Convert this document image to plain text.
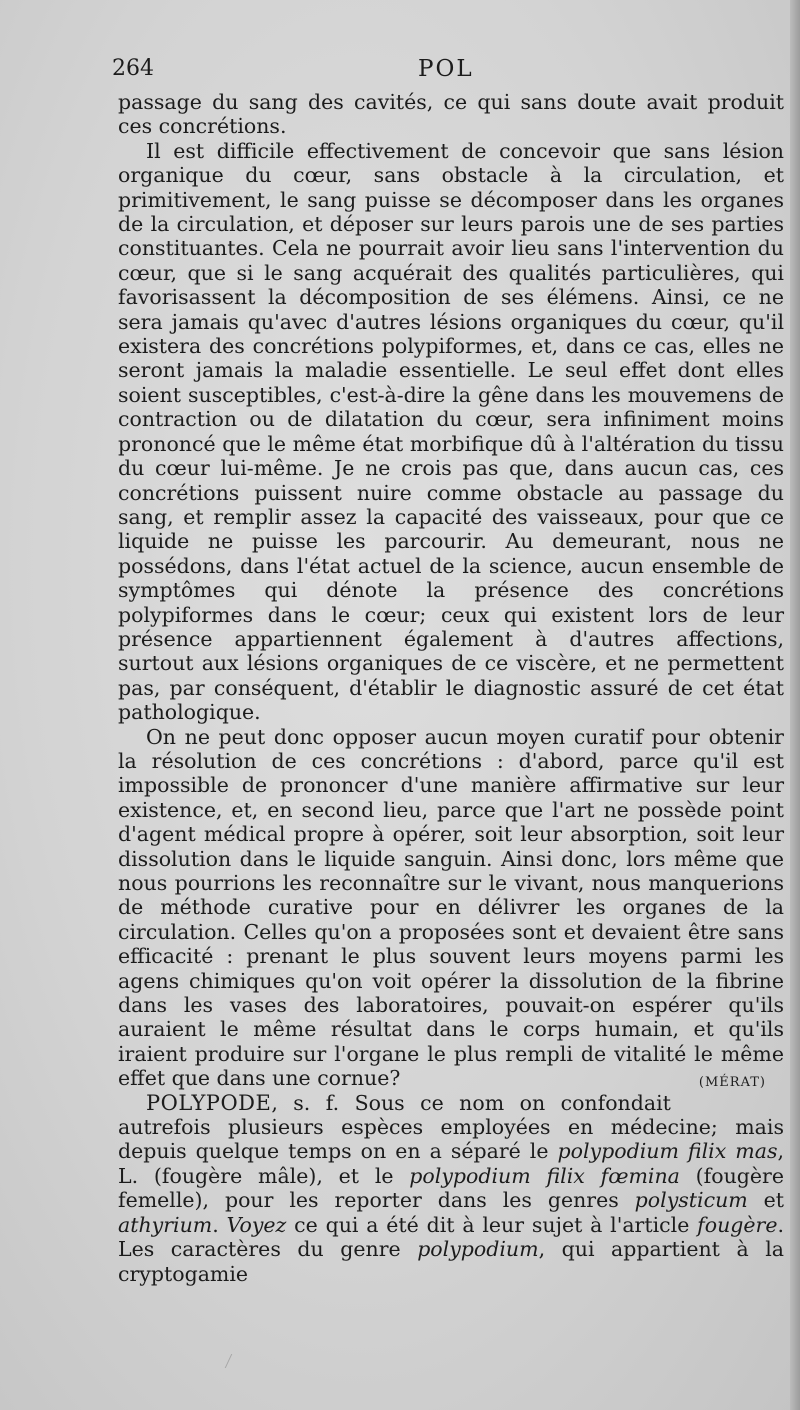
264	POL

passage du sang des cavités, ce qui sans doute avait produit ces concrétions.

Il est difficile effectivement de concevoir que sans lésion organique du cœur, sans obstacle à la circulation, et primitivement, le sang puisse se décomposer dans les organes de la circulation, et déposer sur leurs parois une de ses parties constituantes. Cela ne pourrait avoir lieu sans l'intervention du cœur, que si le sang acquérait des qualités particulières, qui favorisassent la décomposition de ses élémens. Ainsi, ce ne sera jamais qu'avec d'autres lésions organiques du cœur, qu'il existera des concrétions polypiformes, et, dans ce cas, elles ne seront jamais la maladie essentielle. Le seul effet dont elles soient susceptibles, c'est-à-dire la gêne dans les mouvemens de contraction ou de dilatation du cœur, sera infiniment moins prononcé que le même état morbifique dû à l'altération du tissu du cœur lui-même. Je ne crois pas que, dans aucun cas, ces concrétions puissent nuire comme obstacle au passage du sang, et remplir assez la capacité des vaisseaux, pour que ce liquide ne puisse les parcourir. Au demeurant, nous ne possédons, dans l'état actuel de la science, aucun ensemble de symptômes qui dénote la présence des concrétions polypiformes dans le cœur; ceux qui existent lors de leur présence appartiennent également à d'autres affections, surtout aux lésions organiques de ce viscère, et ne permettent pas, par conséquent, d'établir le diagnostic assuré de cet état pathologique.

On ne peut donc opposer aucun moyen curatif pour obtenir la résolution de ces concrétions : d'abord, parce qu'il est impossible de prononcer d'une manière affirmative sur leur existence, et, en second lieu, parce que l'art ne possède point d'agent médical propre à opérer, soit leur absorption, soit leur dissolution dans le liquide sanguin. Ainsi donc, lors même que nous pourrions les reconnaître sur le vivant, nous manquerions de méthode curative pour en délivrer les organes de la circulation. Celles qu'on a proposées sont et devaient être sans efficacité : prenant le plus souvent leurs moyens parmi les agens chimiques qu'on voit opérer la dissolution de la fibrine dans les vases des laboratoires, pouvait-on espérer qu'ils auraient le même résultat dans le corps humain, et qu'ils iraient produire sur l'organe le plus rempli de vitalité le même effet que dans une cornue?	(MÉRAT)

POLYPODE, s. f. Sous ce nom on confondait autrefois plusieurs espèces employées en médecine; mais depuis quelque temps on en a séparé le polypodium filix mas, L. (fougère mâle), et le polypodium filix fœmina (fougère femelle), pour les reporter dans les genres polysticum et athyrium. Voyez ce qui a été dit à leur sujet à l'article fougère. Les caractères du genre polypodium, qui appartient à la cryptogamie
